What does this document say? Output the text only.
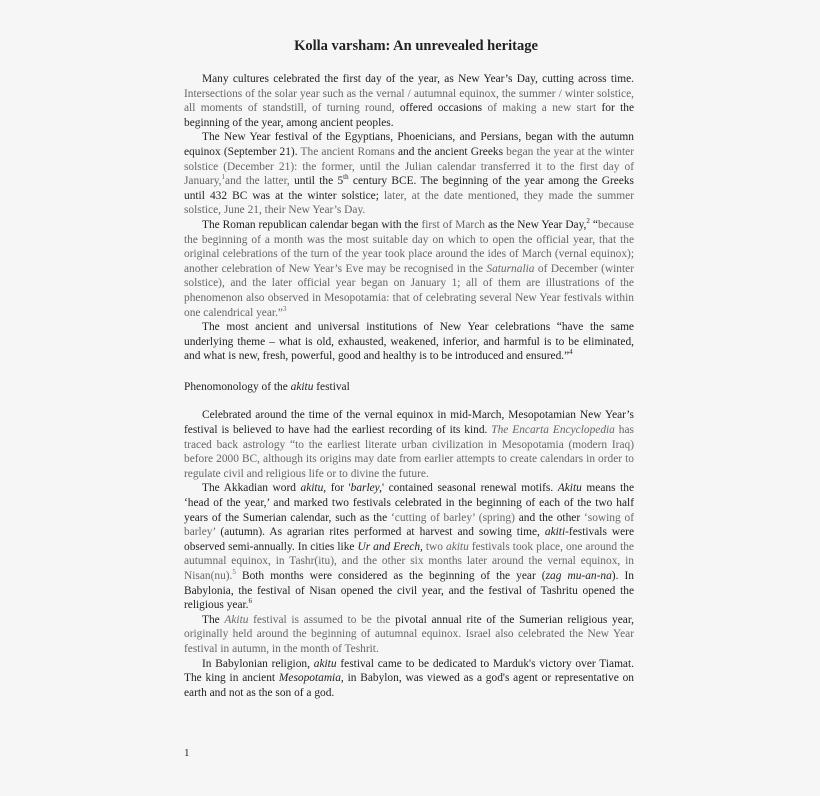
Kolla varsham: An unrevealed heritage

Many cultures celebrated the first day of the year, as New Year’s Day, cutting across time. Intersections of the solar year such as the vernal / autumnal equinox, the summer / winter solstice, all moments of standstill, of turning round, offered occasions of making a new start for the beginning of the year, among ancient peoples.

The New Year festival of the Egyptians, Phoenicians, and Persians, began with the autumn equinox (September 21). The ancient Romans and the ancient Greeks began the year at the winter solstice (December 21): the former, until the Julian calendar transferred it to the first day of January,$^1$and the latter, until the 5th century BCE. The beginning of the year among the Greeks until 432 BC was at the winter solstice; later, at the date mentioned, they made the summer solstice, June 21, their New Year’s Day.

The Roman republican calendar began with the first of March as the New Year Day,$^2$ “because the beginning of a month was the most suitable day on which to open the official year, that the original celebrations of the turn of the year took place around the ides of March (vernal equinox); another celebration of New Year’s Eve may be recognised in the Saturnalia of December (winter solstice), and the later official year began on January 1; all of them are illustrations of the phenomenon also observed in Mesopotamia: that of celebrating several New Year festivals within one calendrical year.”$^3$

The most ancient and universal institutions of New Year celebrations “have the same underlying theme – what is old, exhausted, weakened, inferior, and harmful is to be eliminated, and what is new, fresh, powerful, good and healthy is to be introduced and ensured.”$^4$

Phenomonology of the akitu festival

Celebrated around the time of the vernal equinox in mid-March, Mesopotamian New Year’s festival is believed to have had the earliest recording of its kind. The Encarta Encyclopedia has traced back astrology “to the earliest literate urban civilization in Mesopotamia (modern Iraq) before 2000 BC, although its origins may date from earlier attempts to create calendars in order to regulate civil and religious life or to divine the future.

The Akkadian word akitu, for 'barley,' contained seasonal renewal motifs. Akitu means the ‘head of the year,’ and marked two festivals celebrated in the beginning of each of the two half years of the Sumerian calendar, such as the ‘cutting of barley’ (spring) and the other ‘sowing of barley’ (autumn). As agrarian rites performed at harvest and sowing time, akiti-festivals were observed semi-annually. In cities like Ur and Erech, two akitu festivals took place, one around the autumnal equinox, in Tashr(itu), and the other six months later around the vernal equinox, in Nisan(nu).$^5$ Both months were considered as the beginning of the year (zag mu-an-na). In Babylonia, the festival of Nisan opened the civil year, and the festival of Tashritu opened the religious year.$^6$

The Akitu festival is assumed to be the pivotal annual rite of the Sumerian religious year, originally held around the beginning of autumnal equinox. Israel also celebrated the New Year festival in autumn, in the month of Teshrit.

In Babylonian religion, akitu festival came to be dedicated to Marduk's victory over Tiamat. The king in ancient Mesopotamia, in Babylon, was viewed as a god's agent or representative on earth and not as the son of a god.

1
